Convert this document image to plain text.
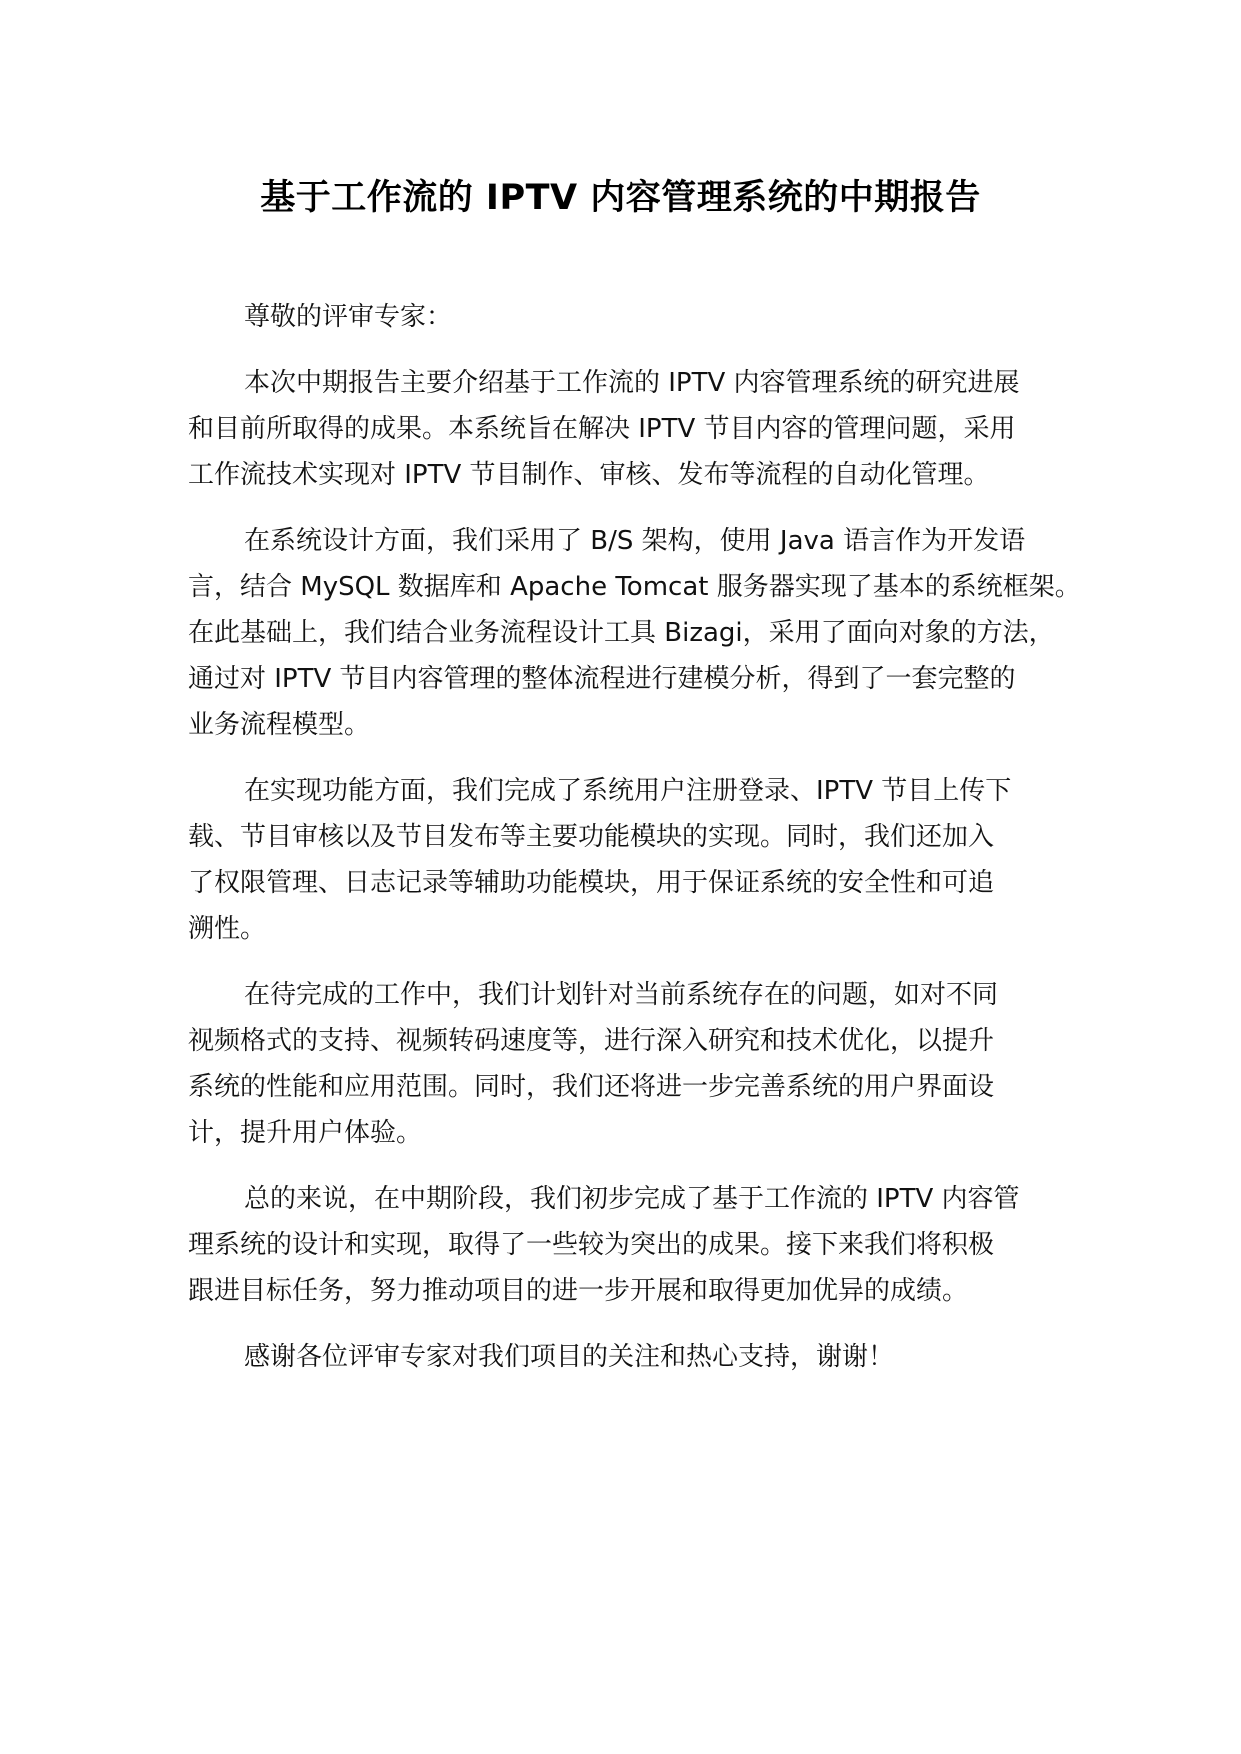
基于工作流的 IPTV 内容管理系统的中期报告

尊敬的评审专家：

本次中期报告主要介绍基于工作流的 IPTV 内容管理系统的研究进展
和目前所取得的成果。本系统旨在解决 IPTV 节目内容的管理问题，采用
工作流技术实现对 IPTV 节目制作、审核、发布等流程的自动化管理。

在系统设计方面，我们采用了 B/S 架构，使用 Java 语言作为开发语
言，结合 MySQL 数据库和 Apache Tomcat 服务器实现了基本的系统框架。
在此基础上，我们结合业务流程设计工具 Bizagi，采用了面向对象的方法，
通过对 IPTV 节目内容管理的整体流程进行建模分析，得到了一套完整的
业务流程模型。

在实现功能方面，我们完成了系统用户注册登录、IPTV 节目上传下
载、节目审核以及节目发布等主要功能模块的实现。同时，我们还加入
了权限管理、日志记录等辅助功能模块，用于保证系统的安全性和可追
溯性。

在待完成的工作中，我们计划针对当前系统存在的问题，如对不同
视频格式的支持、视频转码速度等，进行深入研究和技术优化，以提升
系统的性能和应用范围。同时，我们还将进一步完善系统的用户界面设
计，提升用户体验。

总的来说，在中期阶段，我们初步完成了基于工作流的 IPTV 内容管
理系统的设计和实现，取得了一些较为突出的成果。接下来我们将积极
跟进目标任务，努力推动项目的进一步开展和取得更加优异的成绩。

感谢各位评审专家对我们项目的关注和热心支持，谢谢！
